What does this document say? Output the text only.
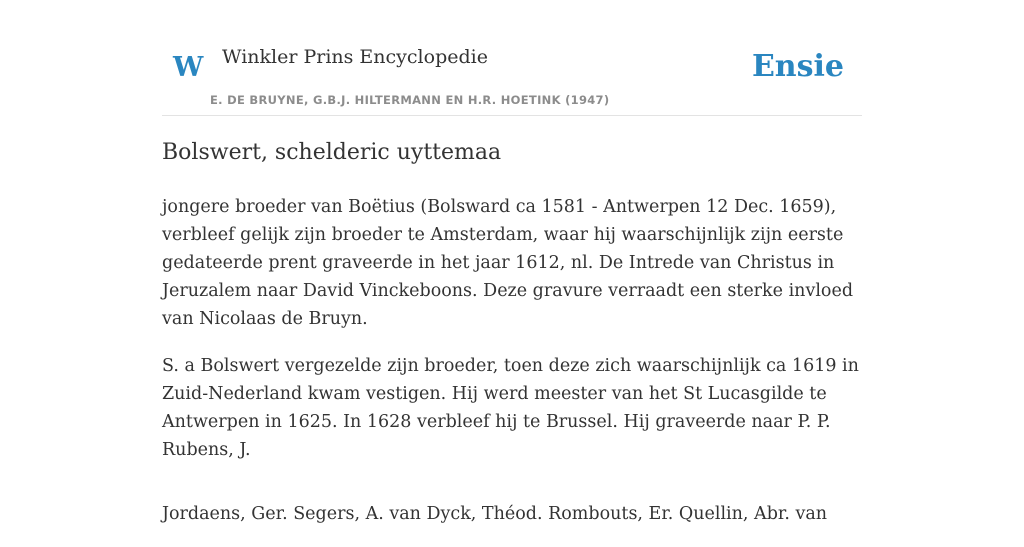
W Winkler Prins Encyclopedie
E. DE BRUYNE, G.B.J. HILTERMANN EN H.R. HOETINK (1947)
Ensie
Bolswert, schelderic uyttemaa

jongere broeder van Boëtius (Bolsward ca 1581 - Antwerpen 12 Dec. 1659), verbleef gelijk zijn broeder te Amsterdam, waar hij waarschijnlijk zijn eerste gedateerde prent graveerde in het jaar 1612, nl. De Intrede van Christus in Jeruzalem naar David Vinckeboons. Deze gravure verraadt een sterke invloed van Nicolaas de Bruyn.

S. a Bolswert vergezelde zijn broeder, toen deze zich waarschijnlijk ca 1619 in Zuid-Nederland kwam vestigen. Hij werd meester van het St Lucasgilde te Antwerpen in 1625. In 1628 verbleef hij te Brussel. Hij graveerde naar P. P. Rubens, J.

Jordaens, Ger. Segers, A. van Dyck, Théod. Rombouts, Er. Quellin, Abr. van
